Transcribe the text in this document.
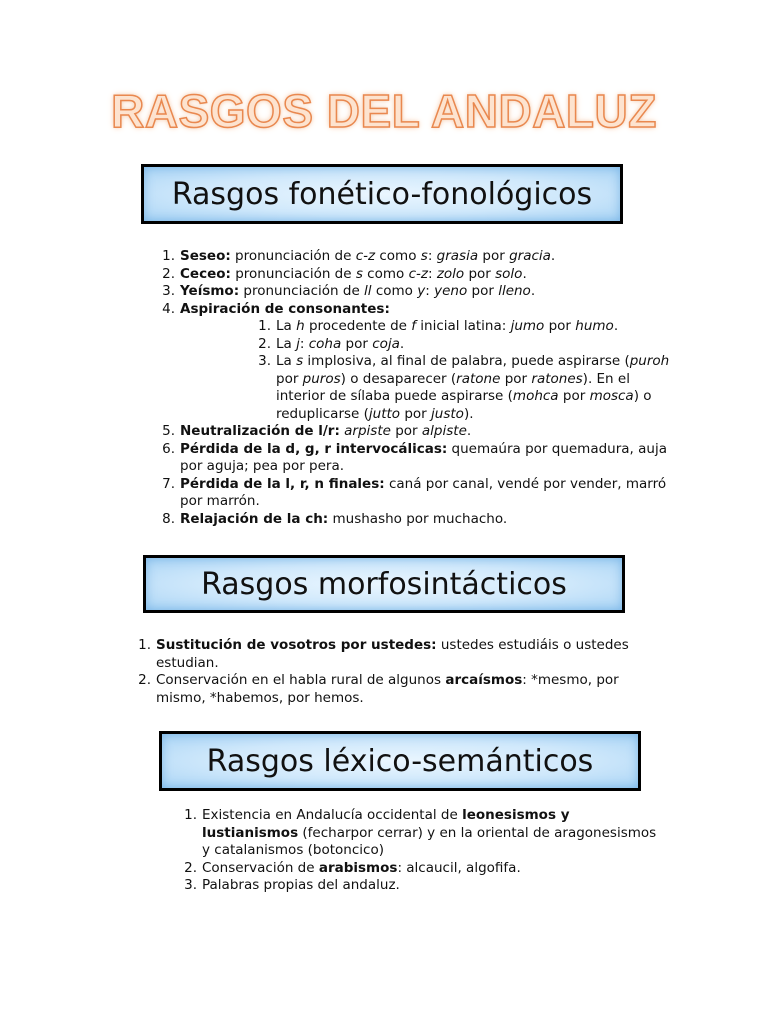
RASGOS DEL ANDALUZ
Rasgos fonético-fonológicos
1. Seseo: pronunciación de c-z como s: grasia por gracia.
2. Ceceo: pronunciación de s como c-z: zolo por solo.
3. Yeísmo: pronunciación de ll como y: yeno por lleno.
4. Aspiración de consonantes:
1. La h procedente de f inicial latina: jumo por humo.
2. La j: coha por coja.
3. La s implosiva, al final de palabra, puede aspirarse (puroh por puros) o desaparecer (ratone por ratones). En el interior de sílaba puede aspirarse (mohca por mosca) o reduplicarse (jutto por justo).
5. Neutralización de l/r: arpiste por alpiste.
6. Pérdida de la d, g, r intervocálicas: quemaúra por quemadura, auja por aguja; pea por pera.
7. Pérdida de la l, r, n finales: caná por canal, vendé por vender, marró por marrón.
8. Relajación de la ch: mushasho por muchacho.
Rasgos morfosintácticos
1. Sustitución de vosotros por ustedes: ustedes estudiáis o ustedes estudian.
2. Conservación en el habla rural de algunos arcaísmos: *mesmo, por mismo, *habemos, por hemos.
Rasgos léxico-semánticos
1. Existencia en Andalucía occidental de leonesismos y lustianismos (fecharpor cerrar) y en la oriental de aragonesismos y catalanismos (botoncico)
2. Conservación de arabismos: alcaucil, algofifa.
3. Palabras propias del andaluz.
